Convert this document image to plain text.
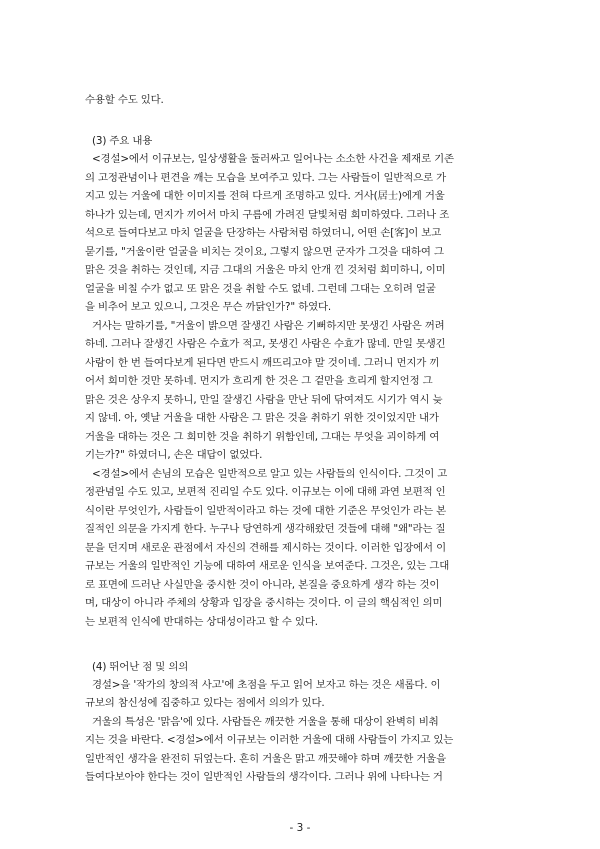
수용할 수도 있다.
(3) 주요 내용
<경설>에서 이규보는, 일상생활을 둘러싸고 일어나는 소소한 사건을 제재로 기존
의 고정관념이나 편견을 깨는 모습을 보여주고 있다. 그는 사람들이 일반적으로 가
지고 있는 거울에 대한 이미지를 전혀 다르게 조명하고 있다. 거사(居士)에게 거울
하나가 있는데, 먼지가 끼어서 마치 구름에 가려진 달빛처럼 희미하였다. 그러나 조
석으로 들여다보고 마치 얼굴을 단장하는 사람처럼 하였더니, 어떤 손[客]이 보고
묻기를, "거울이란 얼굴을 비치는 것이요, 그렇지 않으면 군자가 그것을 대하여 그
맑은 것을 취하는 것인데, 지금 그대의 거울은 마치 안개 낀 것처럼 희미하니, 이미
얼굴을 비칠 수가 없고 또 맑은 것을 취할 수도 없네. 그런데 그대는 오히려 얼굴
을 비추어 보고 있으니, 그것은 무슨 까닭인가?" 하였다.
거사는 말하기를, "거울이 밝으면 잘생긴 사람은 기뻐하지만 못생긴 사람은 꺼려
하네. 그러나 잘생긴 사람은 수효가 적고, 못생긴 사람은 수효가 많네. 만일 못생긴
사람이 한 번 들여다보게 된다면 반드시 깨뜨리고야 말 것이네. 그러니 먼지가 끼
어서 희미한 것만 못하네. 먼지가 흐리게 한 것은 그 겉만을 흐리게 할지언정 그
맑은 것은 상우지 못하니, 만일 잘생긴 사람을 만난 뒤에 닦여져도 시기가 역시 늦
지 않네. 아, 옛날 거울을 대한 사람은 그 맑은 것을 취하기 위한 것이었지만 내가
거울을 대하는 것은 그 희미한 것을 취하기 위함인데, 그대는 무엇을 괴이하게 여
기는가?" 하였더니, 손은 대답이 없었다.
<경설>에서 손님의 모습은 일반적으로 알고 있는 사람들의 인식이다. 그것이 고
정관념일 수도 있고, 보편적 진리일 수도 있다. 이규보는 이에 대해 과연 보편적 인
식이란 무엇인가, 사람들이 일반적이라고 하는 것에 대한 기준은 무엇인가 라는 본
질적인 의문을 가지게 한다. 누구나 당연하게 생각해왔던 것들에 대해 "왜"라는 질
문을 던지며 새로운 관점에서 자신의 견해를 제시하는 것이다. 이러한 입장에서 이
규보는 거울의 일반적인 기능에 대하여 새로운 인식을 보여준다. 그것은, 있는 그대
로 표면에 드러난 사실만을 중시한 것이 아니라, 본질을 중요하게 생각 하는 것이
며, 대상이 아니라 주체의 상황과 입장을 중시하는 것이다. 이 글의 핵심적인 의미
는 보편적 인식에 반대하는 상대성이라고 할 수 있다.
(4) 뛰어난 점 및 의의
경설>을 '작가의 창의적 사고'에 초점을 두고 읽어 보자고 하는 것은 새롭다. 이
규보의 참신성에 집중하고 있다는 점에서 의의가 있다.
거울의 특성은 '맑음'에 있다. 사람들은 깨끗한 거울을 통해 대상이 완벽히 비춰
지는 것을 바란다. <경설>에서 이규보는 이러한 거울에 대해 사람들이 가지고 있는
일반적인 생각을 완전히 뒤엎는다. 흔히 거울은 맑고 깨끗해야 하며 깨끗한 거울을
들여다보아야 한다는 것이 일반적인 사람들의 생각이다. 그러나 위에 나타나는 거
- 3 -
